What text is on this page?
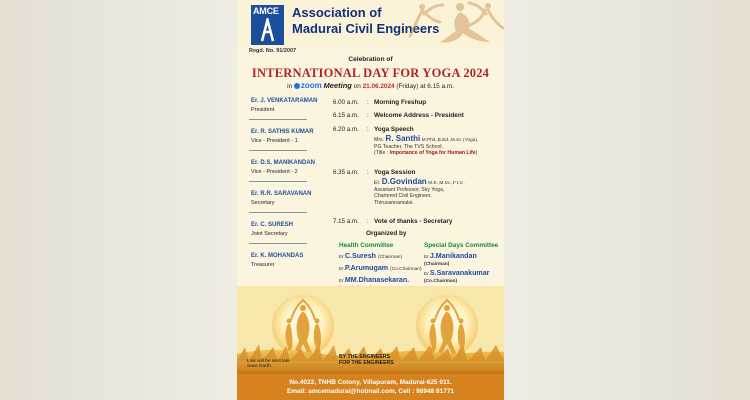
AMCE Association of
Madurai Civil Engineers
Regd. No. 91/2007
Celebration of
INTERNATIONAL DAY FOR YOGA 2024
in zoom Meeting on 21.06.2024 (Friday) at 6.15 a.m.
Er. J. VENKATARAMAN
President
Er. R. SATHIS KUMAR
Vice - President - 1
Er. D.S. MANIKANDAN
Vice - President - 2
Er. R.R. SARAVANAN
Secretary
Er. C. SURESH
Joint Secretary
Er. K. MOHANDAS
Treasurer
6.00 a.m.	: Morning Freshup
6.15 a.m.	: Welcome Address - President
6.20 a.m.	: Yoga Speech
Mrs. R. Santhi M.Phil.,B.Ed.,M.Sc (Yoga),
PG Teacher, The TVS School.
(Title : Importance of Yoga for Human Life)
6.35 a.m.	: Yoga Session
Er. D.Govindan M.E.,M.Sc.,F.I.V.,
Assistant Professor, Sky Yoga,
Chartered Civil Engineer,
Thiruvannamalai.
7.15 a.m.	: Vote of thanks - Secretary
Organized by
Health Committee
Er.C.Suresh (Chairman)
Er.P.Arumugam (Co.Chairman)
Er.MM.Dhanasekaran.
Special Days Committee
Er.J.Manikandan
(Chairman)
Er.S.Saravanakumar
(Co.Chairman)
Link will be sent late
Save Earth
BY THE ENGINEERS
FOR THE ENGINEERS
No.4022, TNHB Colony, Villapuram, Madurai-625 011.
Email: amcemadurai@hotmail.com, Cell : 98948 81771
